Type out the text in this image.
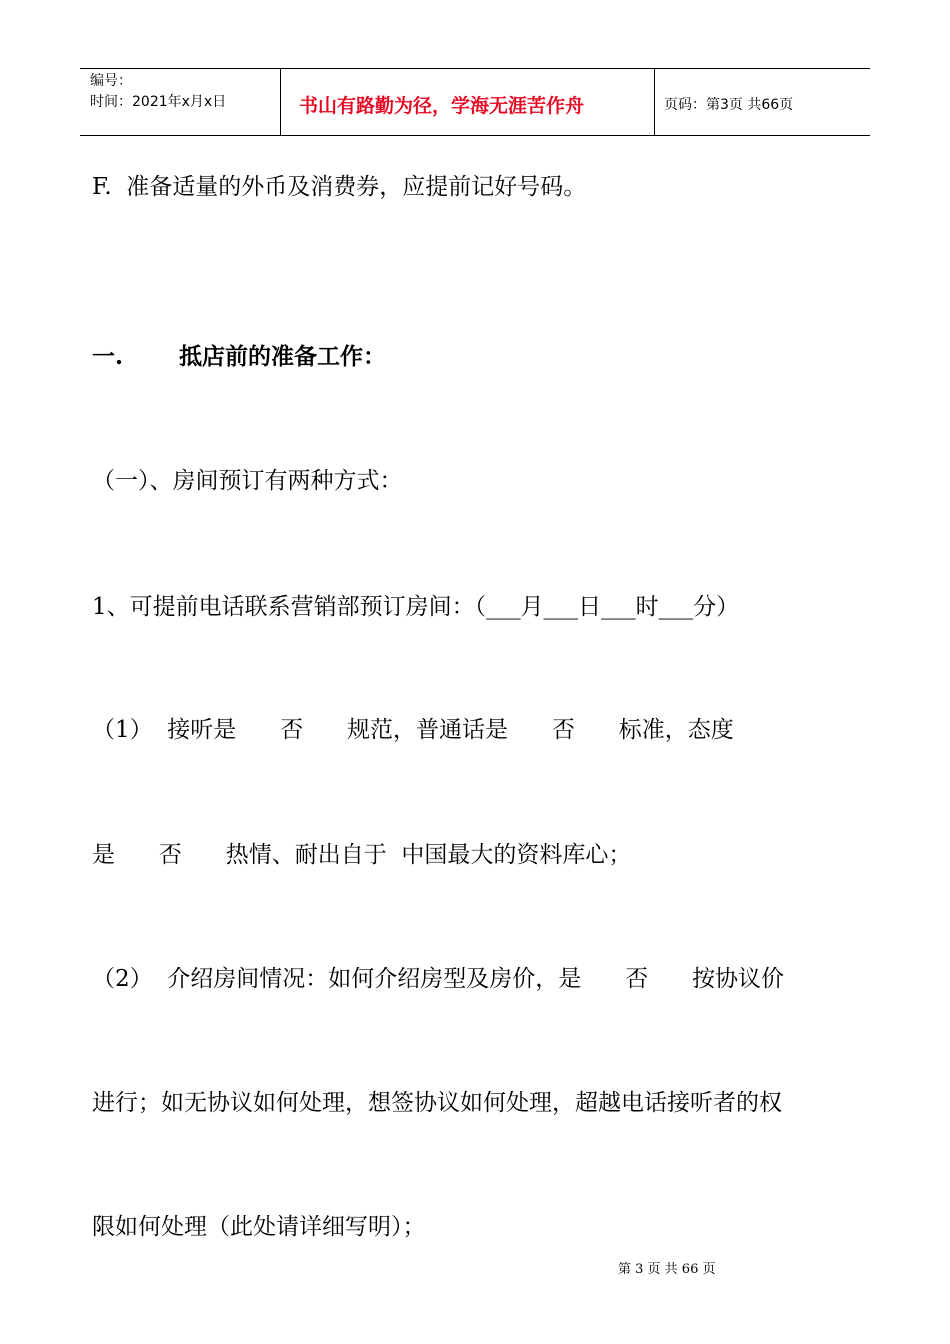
编号：
时间：2021年x月x日	书山有路勤为径，学海无涯苦作舟	页码：第3页 共66页
F.  准备适量的外币及消费券，应提前记好号码。
一.       抵店前的准备工作：
（一）、房间预订有两种方式：
1、可提前电话联系营销部预订房间：（___月___日___时___分）
（1）  接听是      否      规范，普通话是      否      标准，态度
是      否      热情、耐出自于  中国最大的资料库心；
（2）  介绍房间情况：如何介绍房型及房价，是      否      按协议价
进行；如无协议如何处理，想签协议如何处理，超越电话接听者的权
限如何处理（此处请详细写明）；
第 3 页 共 66 页
